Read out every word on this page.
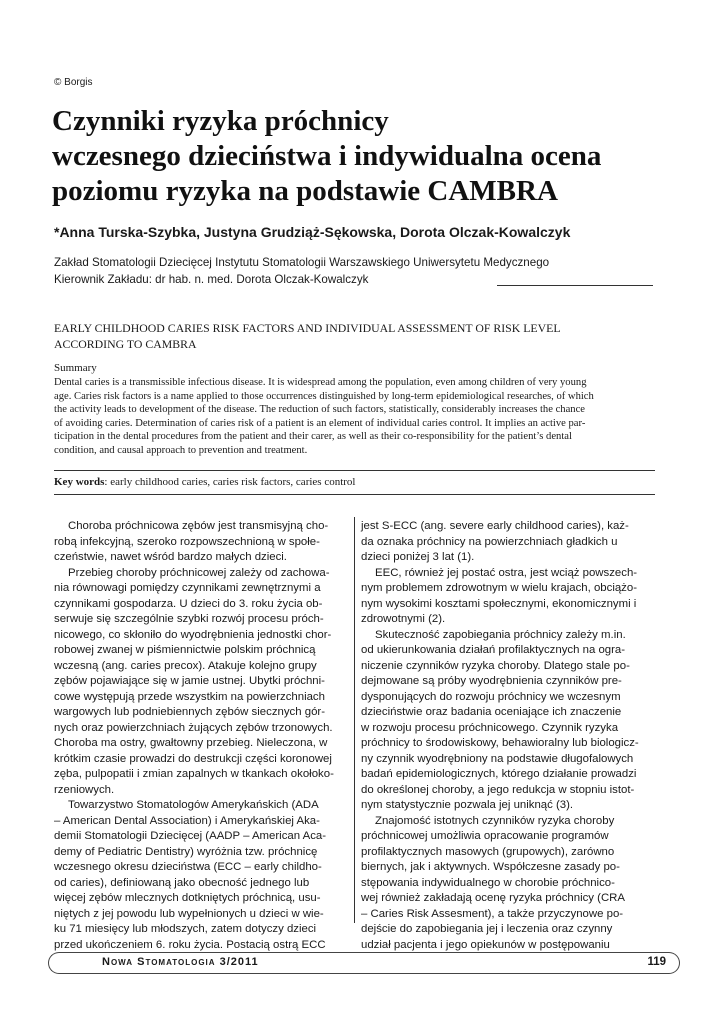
© Borgis
Czynniki ryzyka próchnicy
wczesnego dzieciństwa i indywidualna ocena
poziomu ryzyka na podstawie CAMBRA
*Anna Turska-Szybka, Justyna Grudziąż-Sękowska, Dorota Olczak-Kowalczyk
Zakład Stomatologii Dziecięcej Instytutu Stomatologii Warszawskiego Uniwersytetu Medycznego
Kierownik Zakładu: dr hab. n. med. Dorota Olczak-Kowalczyk
EARLY CHILDHOOD CARIES RISK FACTORS AND INDIVIDUAL ASSESSMENT OF RISK LEVEL
ACCORDING TO CAMBRA
Summary
Dental caries is a transmissible infectious disease. It is widespread among the population, even among children of very young
age. Caries risk factors is a name applied to those occurrences distinguished by long-term epidemiological researches, of which
the activity leads to development of the disease. The reduction of such factors, statistically, considerably increases the chance
of avoiding caries. Determination of caries risk of a patient is an element of individual caries control. It implies an active par-
ticipation in the dental procedures from the patient and their carer, as well as their co-responsibility for the patient’s dental
condition, and causal approach to prevention and treatment.
Key words: early childhood caries, caries risk factors, caries control
Choroba próchnicowa zębów jest transmisyjną cho-
robą infekcyjną, szeroko rozpowszechnioną w społe-
czeństwie, nawet wśród bardzo małych dzieci.
Przebieg choroby próchnicowej zależy od zachowa-
nia równowagi pomiędzy czynnikami zewnętrznymi a
czynnikami gospodarza. U dzieci do 3. roku życia ob-
serwuje się szczególnie szybki rozwój procesu próch-
nicowego, co skłoniło do wyodrębnienia jednostki chor-
robowej zwanej w piśmiennictwie polskim próchnicą
wczesną (ang. caries precox). Atakuje kolejno grupy
zębów pojawiające się w jamie ustnej. Ubytki próchni-
cowe występują przede wszystkim na powierzchniach
wargowych lub podniebiennych zębów siecznych gór-
nych oraz powierzchniach żujących zębów trzonowych.
Choroba ma ostry, gwałtowny przebieg. Nieleczona, w
krótkim czasie prowadzi do destrukcji części koronowej
zęba, pulpopatii i zmian zapalnych w tkankach okołoko-
rzeniowych.
Towarzystwo Stomatologów Amerykańskich (ADA
– American Dental Association) i Amerykańskiej Aka-
demii Stomatologii Dziecięcej (AADP – American Aca-
demy of Pediatric Dentistry) wyróżnia tzw. próchnicę
wczesnego okresu dzieciństwa (ECC – early childho-
od caries), definiowaną jako obecność jednego lub
więcej zębów mlecznych dotkniętych próchnicą, usu-
niętych z jej powodu lub wypełnionych u dzieci w wie-
ku 71 miesięcy lub młodszych, zatem dotyczy dzieci
przed ukończeniem 6. roku życia. Postacią ostrą ECC
jest S-ECC (ang. severe early childhood caries), każ-
da oznaka próchnicy na powierzchniach gładkich u
dzieci poniżej 3 lat (1).
EEC, również jej postać ostra, jest wciąż powszech-
nym problemem zdrowotnym w wielu krajach, obciążo-
nym wysokimi kosztami społecznymi, ekonomicznymi i
zdrowotnymi (2).
Skuteczność zapobiegania próchnicy zależy m.in.
od ukierunkowania działań profilaktycznych na ogra-
niczenie czynników ryzyka choroby. Dlatego stale po-
dejmowane są próby wyodrębnienia czynników pre-
dysponujących do rozwoju próchnicy we wczesnym
dzieciństwie oraz badania oceniające ich znaczenie
w rozwoju procesu próchnicowego. Czynnik ryzyka
próchnicy to środowiskowy, behawioralny lub biologicz-
ny czynnik wyodrębniony na podstawie długofalowych
badań epidemiologicznych, którego działanie prowadzi
do określonej choroby, a jego redukcja w stopniu istot-
nym statystycznie pozwala jej uniknąć (3).
Znajomość istotnych czynników ryzyka choroby
próchnicowej umożliwia opracowanie programów
profilaktycznych masowych (grupowych), zarówno
biernych, jak i aktywnych. Współczesne zasady po-
stępowania indywidualnego w chorobie próchnico-
wej również zakładają ocenę ryzyka próchnicy (CRA
– Caries Risk Assesment), a także przyczynowe po-
dejście do zapobiegania jej i leczenia oraz czynny
udział pacjenta i jego opiekunów w postępowaniu
Nowa Stomatologia 3/2011	119
